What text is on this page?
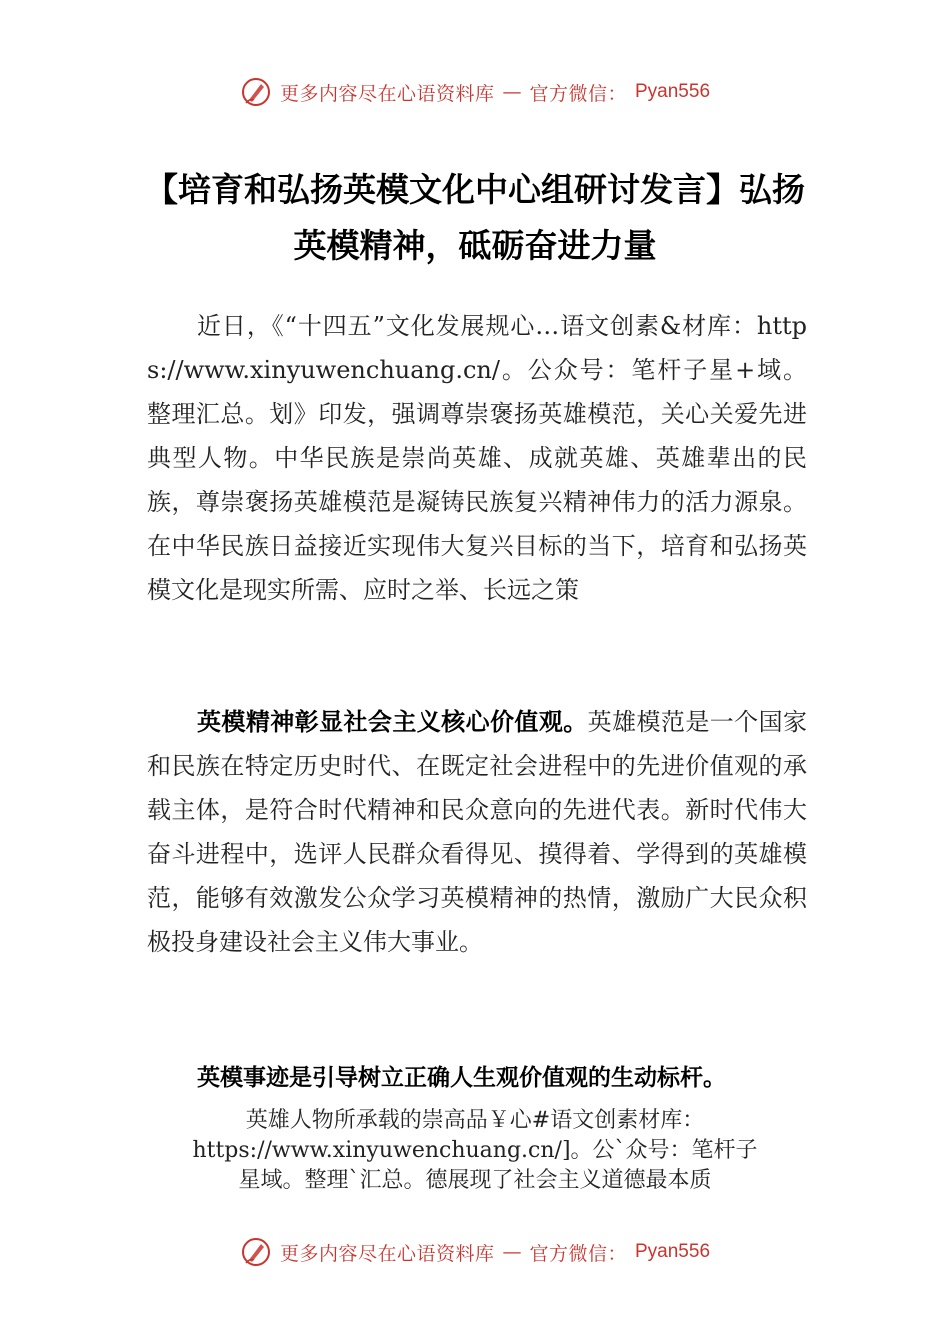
更多内容尽在心语资料库 — 官方微信： Pyan556
【培育和弘扬英模文化中心组研讨发言】弘扬英模精神，砥砺奋进力量

近日，《“十四五”文化发展规心…语文创素&材库：https://www.xinyuwenchuang.cn/。公众号：笔杆子星+域。整理汇总。划》印发，强调尊崇褒扬英雄模范，关心关爱先进典型人物。中华民族是崇尚英雄、成就英雄、英雄辈出的民族，尊崇褒扬英雄模范是凝铸民族复兴精神伟力的活力源泉。在中华民族日益接近实现伟大复兴目标的当下，培育和弘扬英模文化是现实所需、应时之举、长远之策

英模精神彰显社会主义核心价值观。英雄模范是一个国家和民族在特定历史时代、在既定社会进程中的先进价值观的承载主体，是符合时代精神和民众意向的先进代表。新时代伟大奋斗进程中，选评人民群众看得见、摸得着、学得到的英雄模范，能够有效激发公众学习英模精神的热情，激励广大民众积极投身建设社会主义伟大事业。

英模事迹是引导树立正确人生观价值观的生动标杆。
英雄人物所承载的崇高品￥心#语文创素材库：
https://www.xinyuwenchuang.cn/]。公`众号：笔杆子
星域。整理`汇总。德展现了社会主义道德最本质
更多内容尽在心语资料库 — 官方微信： Pyan556
